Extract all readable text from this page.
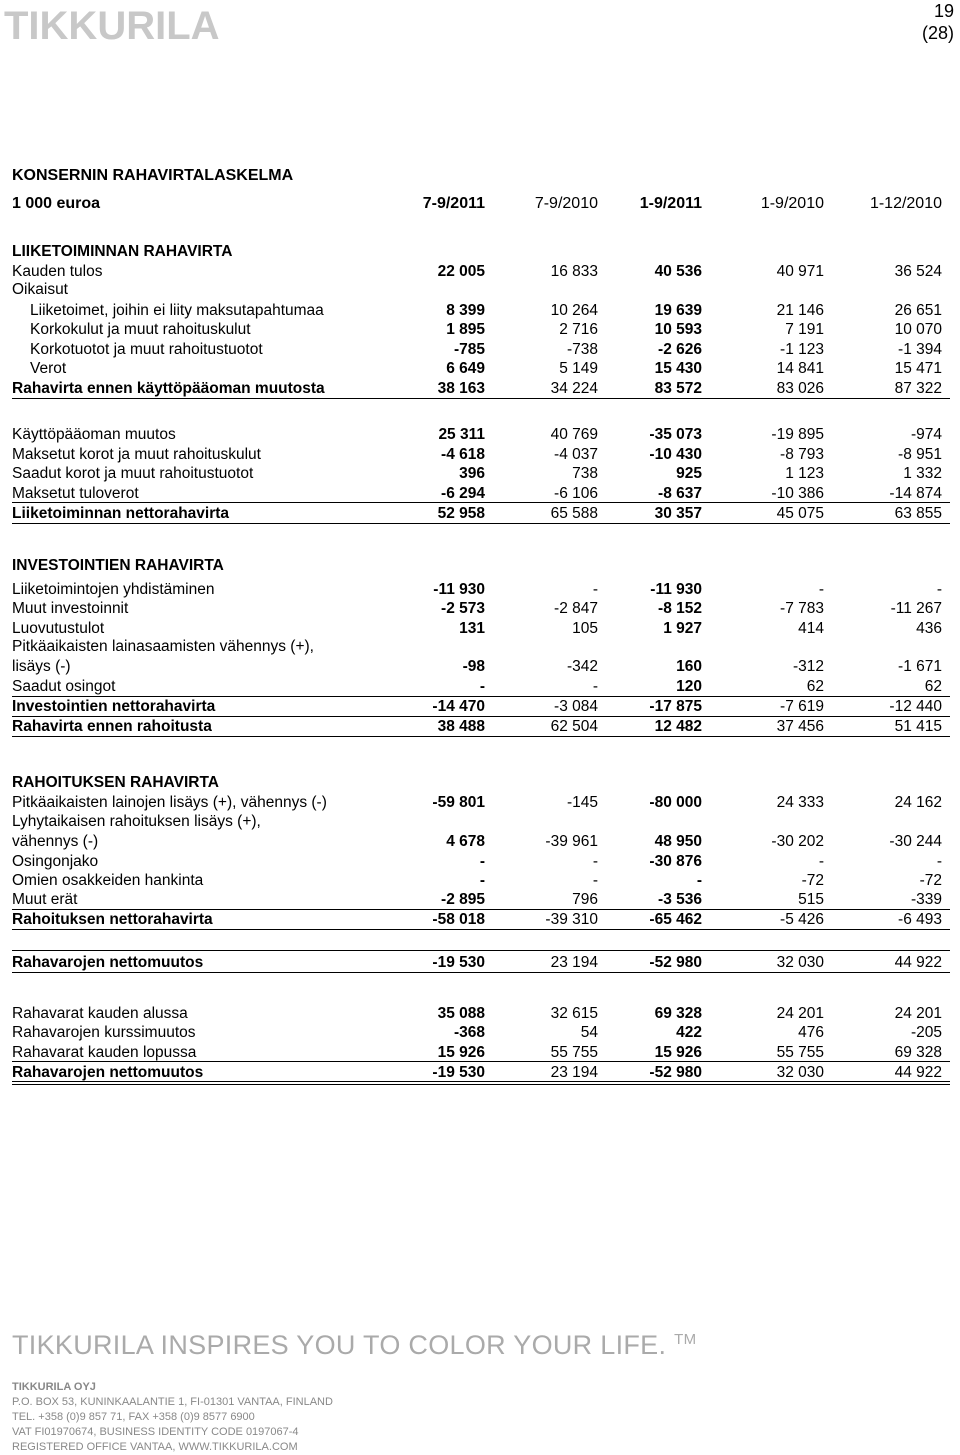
TIKKURILA	19
(28)
KONSERNIN RAHAVIRTALASKELMA
1 000 euroa	7-9/2011	7-9/2010	1-9/2011	1-9/2010	1-12/2010
LIIKETOIMINNAN RAHAVIRTA
Kauden tulos	22 005	16 833	40 536	40 971	36 524
Oikaisut
Liiketoimet, joihin ei liity maksutapahtumaa	8 399	10 264	19 639	21 146	26 651
Korkokulut ja muut rahoituskulut	1 895	2 716	10 593	7 191	10 070
Korkotuotot ja muut rahoitustuotot	-785	-738	-2 626	-1 123	-1 394
Verot	6 649	5 149	15 430	14 841	15 471
Rahavirta ennen käyttöpääoman muutosta	38 163	34 224	83 572	83 026	87 322
Käyttöpääoman muutos	25 311	40 769	-35 073	-19 895	-974
Maksetut korot ja muut rahoituskulut	-4 618	-4 037	-10 430	-8 793	-8 951
Saadut korot ja muut rahoitustuotot	396	738	925	1 123	1 332
Maksetut tuloverot	-6 294	-6 106	-8 637	-10 386	-14 874
Liiketoiminnan nettorahavirta	52 958	65 588	30 357	45 075	63 855
INVESTOINTIEN RAHAVIRTA
Liiketoimintojen yhdistäminen	-11 930	-	-11 930	-	-
Muut investoinnit	-2 573	-2 847	-8 152	-7 783	-11 267
Luovutustulot	131	105	1 927	414	436
Pitkäaikaisten lainasaamisten vähennys (+),
lisäys (-)	-98	-342	160	-312	-1 671
Saadut osingot	-	-	120	62	62
Investointien nettorahavirta	-14 470	-3 084	-17 875	-7 619	-12 440
Rahavirta ennen rahoitusta	38 488	62 504	12 482	37 456	51 415
RAHOITUKSEN RAHAVIRTA
Pitkäaikaisten lainojen lisäys (+), vähennys (-)	-59 801	-145	-80 000	24 333	24 162
Lyhytaikaisen rahoituksen lisäys (+),
vähennys (-)	4 678	-39 961	48 950	-30 202	-30 244
Osingonjako	-	-	-30 876	-	-
Omien osakkeiden hankinta	-	-	-	-72	-72
Muut erät	-2 895	796	-3 536	515	-339
Rahoituksen nettorahavirta	-58 018	-39 310	-65 462	-5 426	-6 493
Rahavarojen nettomuutos	-19 530	23 194	-52 980	32 030	44 922
Rahavarat kauden alussa	35 088	32 615	69 328	24 201	24 201
Rahavarojen kurssimuutos	-368	54	422	476	-205
Rahavarat kauden lopussa	15 926	55 755	15 926	55 755	69 328
Rahavarojen nettomuutos	-19 530	23 194	-52 980	32 030	44 922
TIKKURILA INSPIRES YOU TO COLOR YOUR LIFE. ™
TIKKURILA OYJ
P.O. BOX 53, KUNINKAALANTIE 1, FI-01301 VANTAA, FINLAND
TEL. +358 (0)9 857 71, FAX +358 (0)9 8577 6900
VAT FI01970674, BUSINESS IDENTITY CODE 0197067-4
REGISTERED OFFICE VANTAA, WWW.TIKKURILA.COM
